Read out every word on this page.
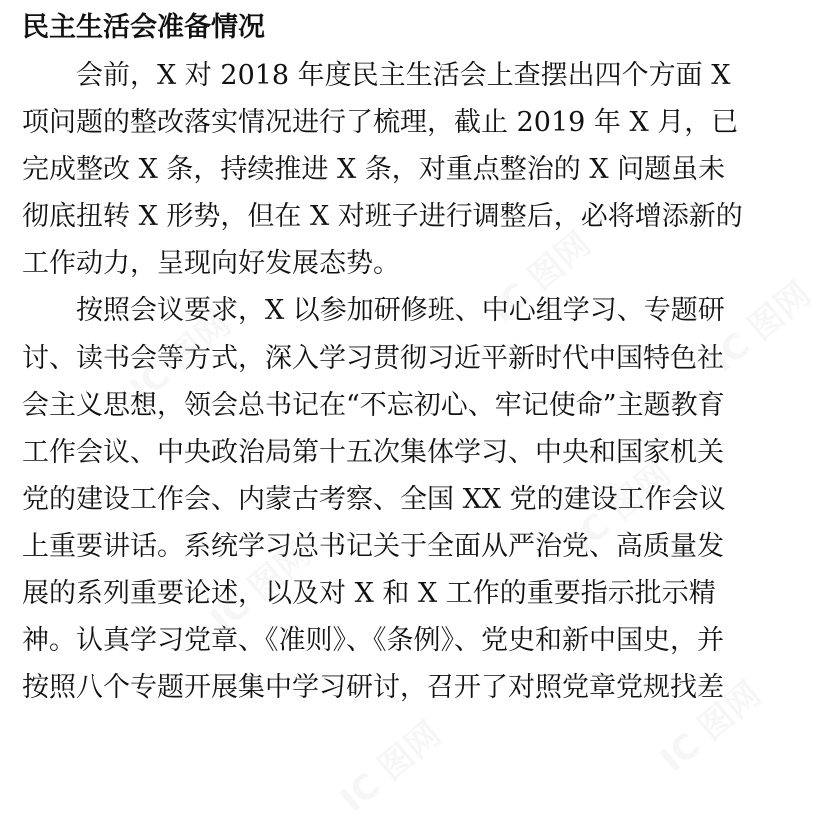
民主生活会准备情况
会前，X 对 2018 年度民主生活会上查摆出四个方面 X
项问题的整改落实情况进行了梳理，截止 2019 年 X 月，已
完成整改 X 条，持续推进 X 条，对重点整治的 X 问题虽未
彻底扭转 X 形势，但在 X 对班子进行调整后，必将增添新的
工作动力，呈现向好发展态势。
按照会议要求，X 以参加研修班、中心组学习、专题研
讨、读书会等方式，深入学习贯彻习近平新时代中国特色社
会主义思想，领会总书记在“不忘初心、牢记使命”主题教育
工作会议、中央政治局第十五次集体学习、中央和国家机关
党的建设工作会、内蒙古考察、全国 XX 党的建设工作会议
上重要讲话。系统学习总书记关于全面从严治党、高质量发
展的系列重要论述，以及对 X 和 X 工作的重要指示批示精
神。认真学习党章、《准则》、《条例》、党史和新中国史，并
按照八个专题开展集中学习研讨，召开了对照党章党规找差
IC 图网
IC 图网
IC 图网
IC 图网
IC 图网
IC 图网
IC 图网
